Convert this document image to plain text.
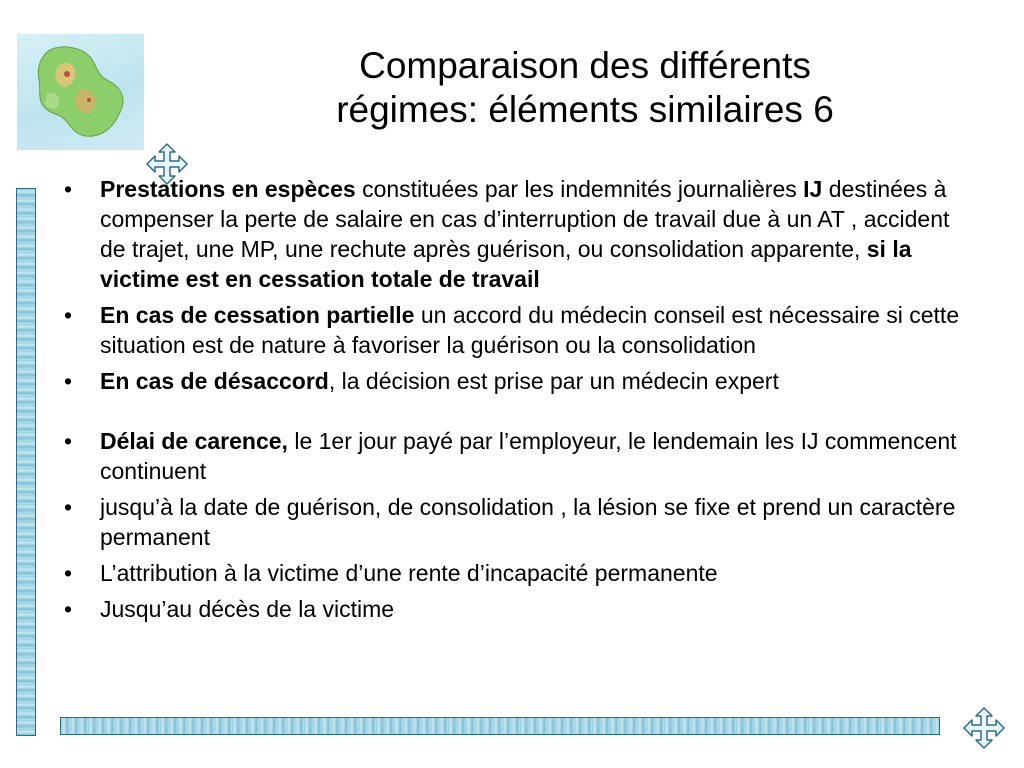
Comparaison des différents
régimes: éléments similaires 6
• Prestations en espèces constituées par les indemnités journalières IJ destinées à compenser la perte de salaire en cas d’interruption de travail due à un AT , accident de trajet, une MP, une rechute après guérison, ou consolidation apparente, si la victime est en cessation totale de travail
• En cas de cessation partielle un accord du médecin conseil est nécessaire si cette situation est de nature à favoriser la guérison ou la consolidation
• En cas de désaccord, la décision est prise par un médecin expert
• Délai de carence, le 1er jour payé par l’employeur, le lendemain les IJ commencent continuent
• jusqu’à la date de guérison, de consolidation , la lésion se fixe et prend un caractère permanent
• L’attribution à la victime d’une rente d’incapacité permanente
• Jusqu’au décès de la victime
